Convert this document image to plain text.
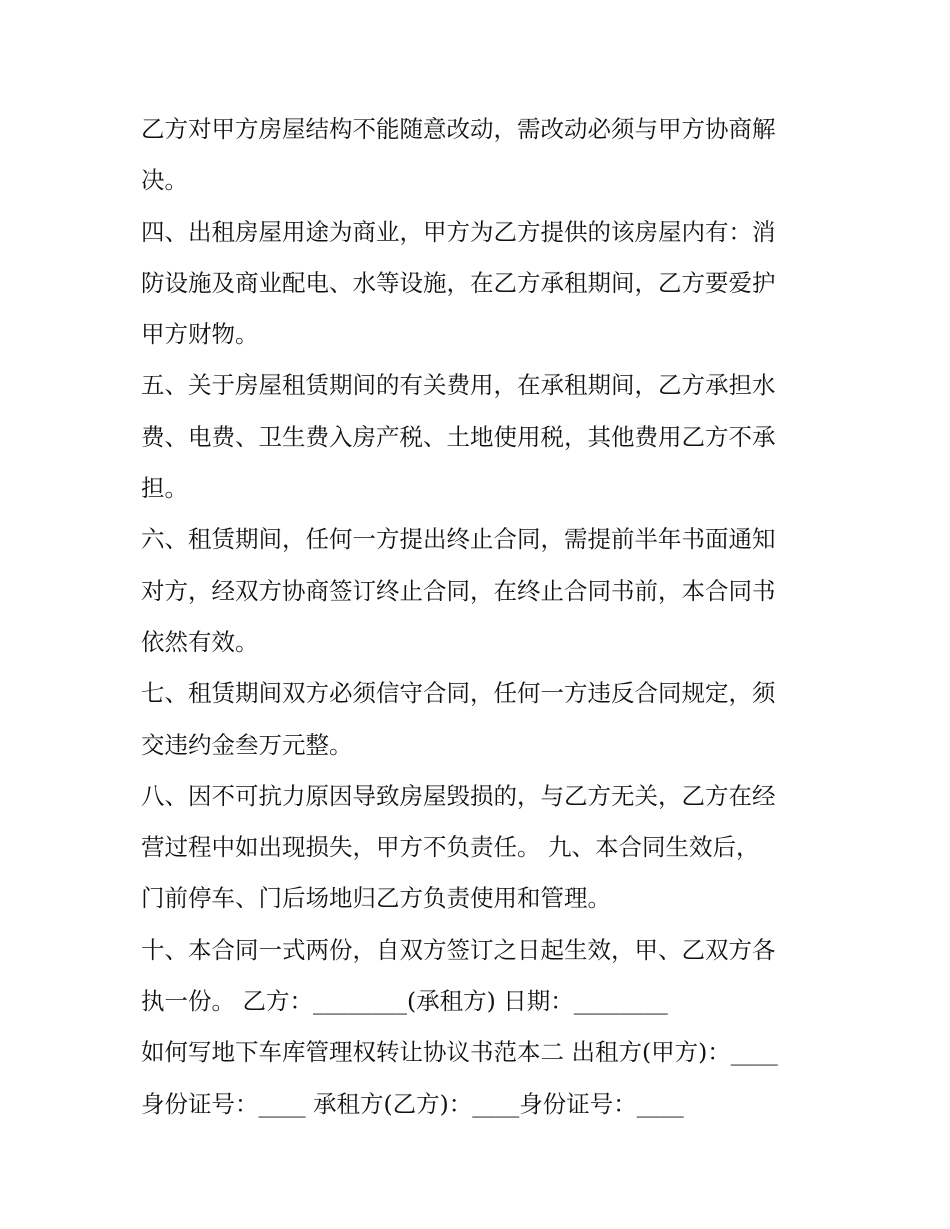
乙方对甲方房屋结构不能随意改动，需改动必须与甲方协商解
决。
四、出租房屋用途为商业，甲方为乙方提供的该房屋内有：消
防设施及商业配电、水等设施，在乙方承租期间，乙方要爱护
甲方财物。
五、关于房屋租赁期间的有关费用，在承租期间，乙方承担水
费、电费、卫生费入房产税、土地使用税，其他费用乙方不承
担。
六、租赁期间，任何一方提出终止合同，需提前半年书面通知
对方，经双方协商签订终止合同，在终止合同书前，本合同书
依然有效。
七、租赁期间双方必须信守合同，任何一方违反合同规定，须
交违约金叁万元整。
八、因不可抗力原因导致房屋毁损的，与乙方无关，乙方在经
营过程中如出现损失，甲方不负责任。 九、本合同生效后，
门前停车、门后场地归乙方负责使用和管理。
十、本合同一式两份，自双方签订之日起生效，甲、乙双方各
执一份。 乙方：________(承租方) 日期：________
如何写地下车库管理权转让协议书范本二 出租方(甲方)：____
身份证号：____ 承租方(乙方)：____身份证号：____
